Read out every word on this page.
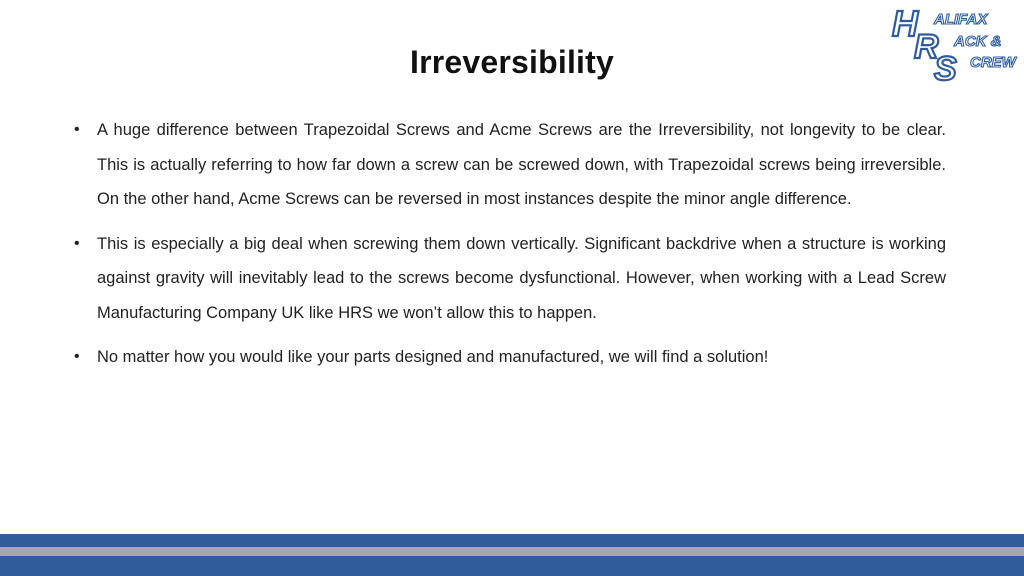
H
R
S
ALIFAX
ACK &
CREW
Irreversibility
• A huge difference between Trapezoidal Screws and Acme Screws are the Irreversibility, not longevity to be clear. This is actually referring to how far down a screw can be screwed down, with Trapezoidal screws being irreversible. On the other hand, Acme Screws can be reversed in most instances despite the minor angle difference.
• This is especially a big deal when screwing them down vertically. Significant backdrive when a structure is working against gravity will inevitably lead to the screws become dysfunctional. However, when working with a Lead Screw Manufacturing Company UK like HRS we won’t allow this to happen.
• No matter how you would like your parts designed and manufactured, we will find a solution!
